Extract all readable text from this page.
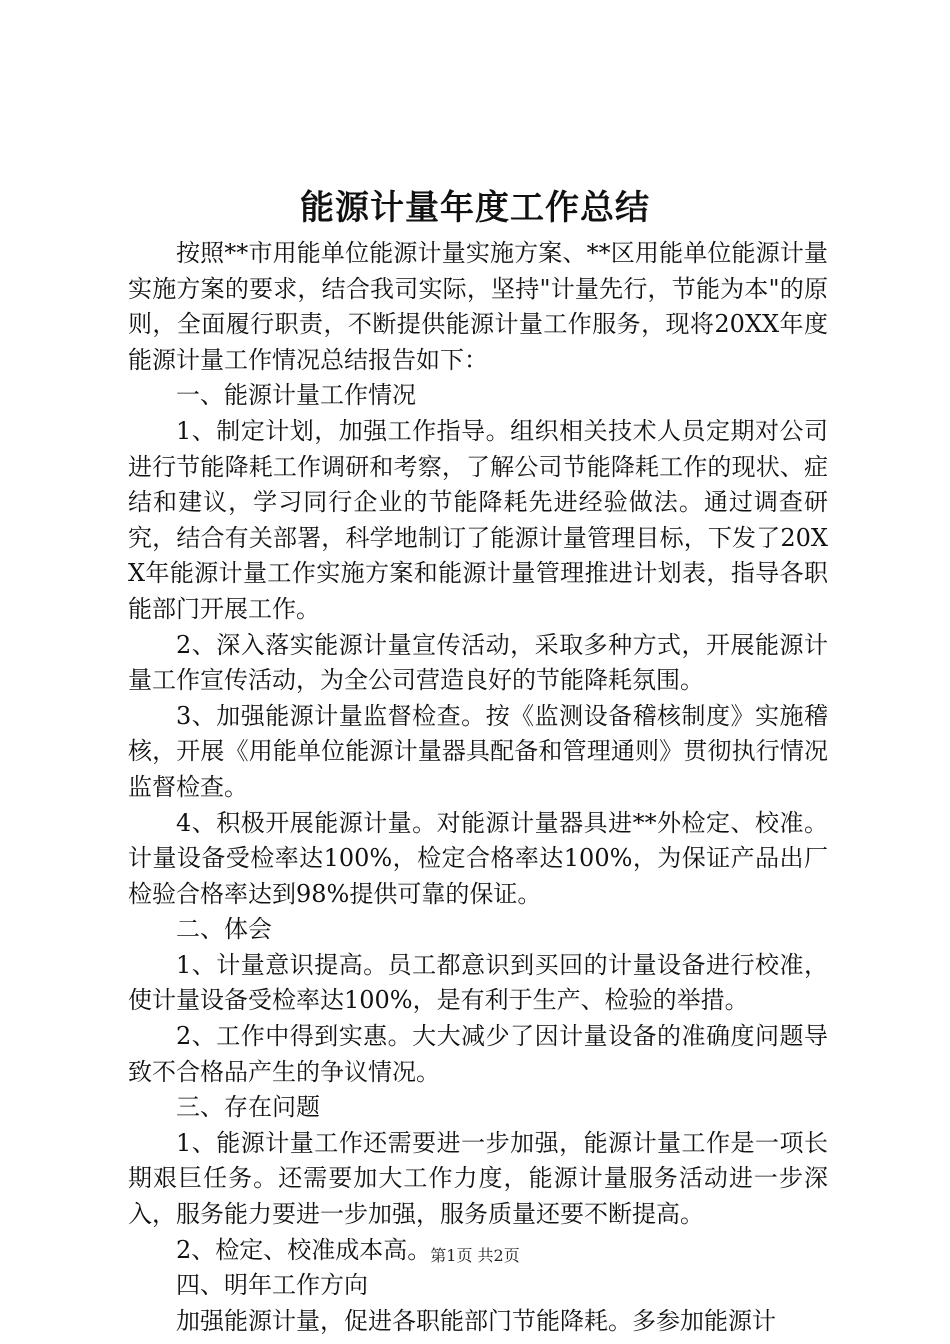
能源计量年度工作总结

按照**市用能单位能源计量实施方案、**区用能单位能源计量实施方案的要求，结合我司实际，坚持"计量先行，节能为本"的原则，全面履行职责，不断提供能源计量工作服务，现将20XX年度能源计量工作情况总结报告如下：

一、能源计量工作情况

1、制定计划，加强工作指导。组织相关技术人员定期对公司进行节能降耗工作调研和考察，了解公司节能降耗工作的现状、症结和建议，学习同行企业的节能降耗先进经验做法。通过调查研究，结合有关部署，科学地制订了能源计量管理目标，下发了20XX年能源计量工作实施方案和能源计量管理推进计划表，指导各职能部门开展工作。

2、深入落实能源计量宣传活动，采取多种方式，开展能源计量工作宣传活动，为全公司营造良好的节能降耗氛围。

3、加强能源计量监督检查。按《监测设备稽核制度》实施稽核，开展《用能单位能源计量器具配备和管理通则》贯彻执行情况监督检查。

4、积极开展能源计量。对能源计量器具进**外检定、校准。计量设备受检率达100%，检定合格率达100%，为保证产品出厂检验合格率达到98%提供可靠的保证。

二、体会

1、计量意识提高。员工都意识到买回的计量设备进行校准，使计量设备受检率达100%，是有利于生产、检验的举措。

2、工作中得到实惠。大大减少了因计量设备的准确度问题导致不合格品产生的争议情况。

三、存在问题

1、能源计量工作还需要进一步加强，能源计量工作是一项长期艰巨任务。还需要加大工作力度，能源计量服务活动进一步深入，服务能力要进一步加强，服务质量还要不断提高。

2、检定、校准成本高。

四、明年工作方向

加强能源计量，促进各职能部门节能降耗。多参加能源计

第1页 共2页
